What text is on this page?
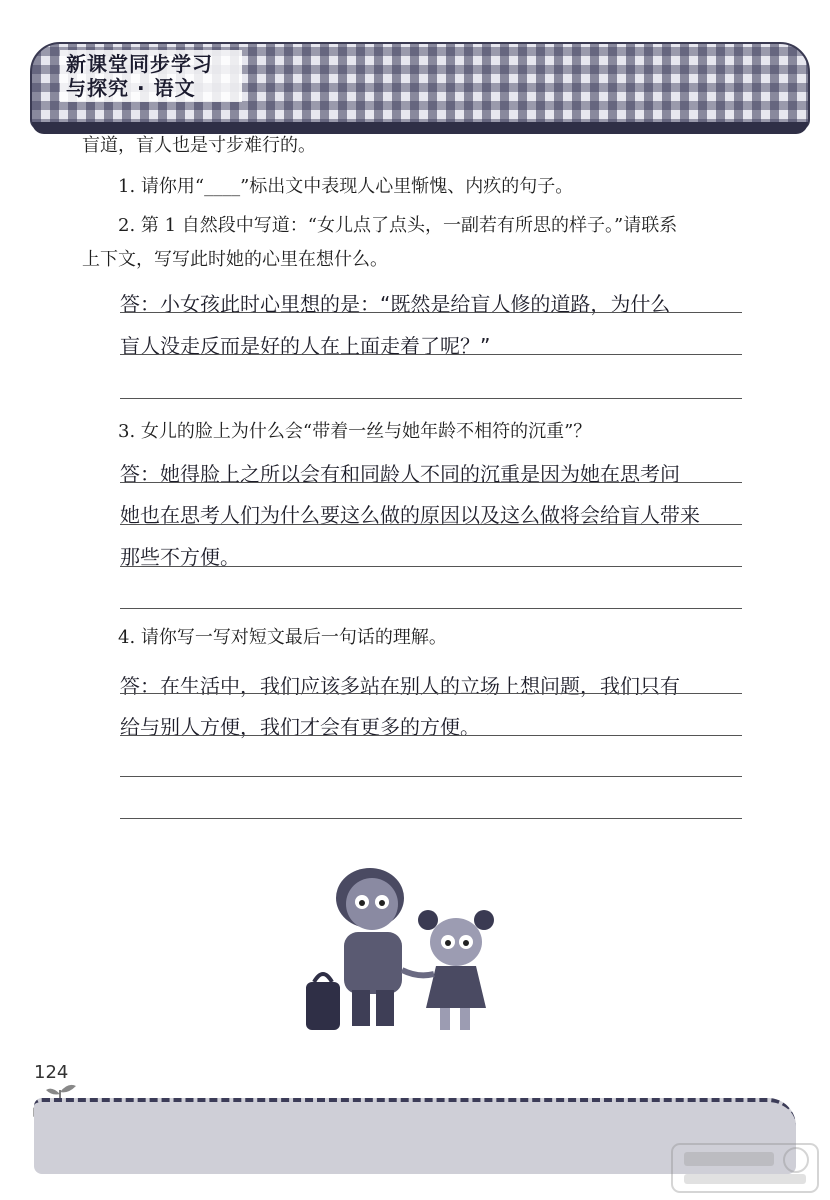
新课堂同步学习
与探究 · 语文
盲道，盲人也是寸步难行的。
1. 请你用“____”标出文中表现人心里惭愧、内疚的句子。
2. 第 1 自然段中写道：“女儿点了点头，一副若有所思的样子。”请联系
上下文，写写此时她的心里在想什么。
答：小女孩此时心里想的是：“既然是给盲人修的道路，为什么
盲人没走反而是好的人在上面走着了呢？”
3. 女儿的脸上为什么会“带着一丝与她年龄不相符的沉重”？
答：她得脸上之所以会有和同龄人不同的沉重是因为她在思考问
她也在思考人们为什么要这么做的原因以及这么做将会给盲人带来
那些不方便。
4. 请你写一写对短文最后一句话的理解。
答：在生活中，我们应该多站在别人的立场上想问题，我们只有
给与别人方便，我们才会有更多的方便。
124
